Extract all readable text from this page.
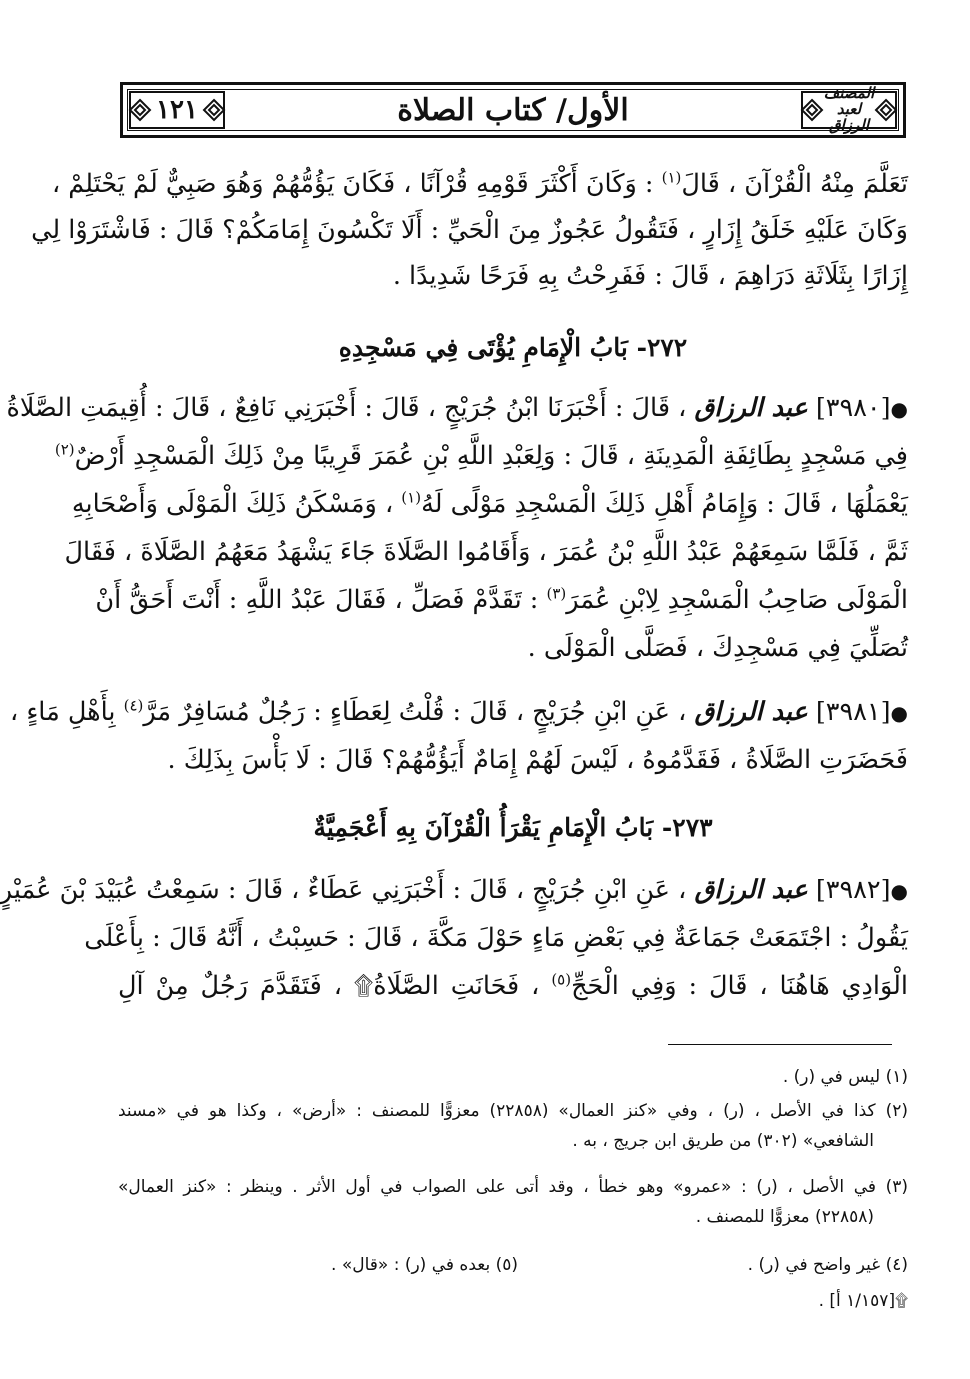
المصنف
لعبد الرزاق
الأول/ كتاب الصلاة
١٢١
تَعَلَّمَ مِنْهُ الْقُرْآنَ ، قَالَ$^{(١)}$ : وَكَانَ أَكْثَرَ قَوْمِهِ قُرْآنًا ، فَكَانَ يَؤُمُّهُمْ وَهُوَ صَبِيٌّ لَمْ يَحْتَلِمْ ،
وَكَانَ عَلَيْهِ خَلَقُ إِزَارٍ ، فَتَقُولُ عَجُوزٌ مِنَ الْحَيِّ : أَلَا تَكْسُونَ إِمَامَكُمْ؟ قَالَ : فَاشْتَرَوْا لِي
إِزَارًا بِثَلَاثَةِ دَرَاهِمَ ، قَالَ : فَفَرِحْتُ بِهِ فَرَحًا شَدِيدًا .
٢٧٢- بَابُ الْإِمَامِ يُؤْتَى فِي مَسْجِدِهِ
●[٣٩٨٠] عبد الرزاق ، قَالَ : أَخْبَرَنَا ابْنُ جُرَيْجٍ ، قَالَ : أَخْبَرَنِي نَافِعٌ ، قَالَ : أُقِيمَتِ الصَّلَاةُ
فِي مَسْجِدٍ بِطَائِفَةِ الْمَدِينَةِ ، قَالَ : وَلِعَبْدِ اللَّهِ بْنِ عُمَرَ قَرِيبًا مِنْ ذَلِكَ الْمَسْجِدِ أَرْضٌ$^{(٢)}$
يَعْمَلُهَا ، قَالَ : وَإِمَامُ أَهْلِ ذَلِكَ الْمَسْجِدِ مَوْلًى لَهُ$^{(١)}$ ، وَمَسْكَنُ ذَلِكَ الْمَوْلَى وَأَصْحَابِهِ
ثَمَّ ، فَلَمَّا سَمِعَهُمْ عَبْدُ اللَّهِ بْنُ عُمَرَ ، وَأَقَامُوا الصَّلَاةَ جَاءَ يَشْهَدُ مَعَهُمُ الصَّلَاةَ ، فَقَالَ
الْمَوْلَى صَاحِبُ الْمَسْجِدِ لِابْنِ عُمَرَ$^{(٣)}$ : تَقَدَّمْ فَصَلِّ ، فَقَالَ عَبْدُ اللَّهِ : أَنْتَ أَحَقُّ أَنْ
تُصَلِّيَ فِي مَسْجِدِكَ ، فَصَلَّى الْمَوْلَى .
●[٣٩٨١] عبد الرزاق ، عَنِ ابْنِ جُرَيْجٍ ، قَالَ : قُلْتُ لِعَطَاءٍ : رَجُلٌ مُسَافِرٌ مَرَّ$^{(٤)}$ بِأَهْلِ مَاءٍ ،
فَحَضَرَتِ الصَّلَاةُ ، فَقَدَّمُوهُ ، لَيْسَ لَهُمْ إِمَامٌ أَيَؤُمُّهُمْ؟ قَالَ : لَا بَأْسَ بِذَلِكَ .
٢٧٣- بَابُ الْإِمَامِ يَقْرَأُ الْقُرْآنَ بِهِ أَعْجَمِيَّةٌ
●[٣٩٨٢] عبد الرزاق ، عَنِ ابْنِ جُرَيْجٍ ، قَالَ : أَخْبَرَنِي عَطَاءٌ ، قَالَ : سَمِعْتُ عُبَيْدَ بْنَ عُمَيْرٍ
يَقُولُ : اجْتَمَعَتْ جَمَاعَةٌ فِي بَعْضِ مَاءٍ حَوْلَ مَكَّةَ ، قَالَ : حَسِبْتُ ، أَنَّهُ قَالَ : بِأَعْلَى
الْوَادِي هَاهُنَا ، قَالَ : وَفِي الْحَجِّ$^{(٥)}$ ، فَحَانَتِ الصَّلَاةُ۩ ، فَتَقَدَّمَ رَجُلٌ مِنْ آلِ
(١) ليس في (ر) .
(٢) كذا في الأصل ، (ر) ، وفي «كنز العمال» (٢٢٨٥٨) معزوًّا للمصنف : «أرض» ، وكذا هو في «مسند
الشافعي» (٣٠٢) من طريق ابن جريج ، به .
(٣) في الأصل ، (ر) : «عمرو» وهو خطأ ، وقد أتى على الصواب في أول الأثر . وينظر : «كنز العمال»
(٢٢٨٥٨) معزوًّا للمصنف .
(٤) غير واضح في (ر) .
(٥) بعده في (ر) : «قال» .
۩[١/١٥٧ أ] .
